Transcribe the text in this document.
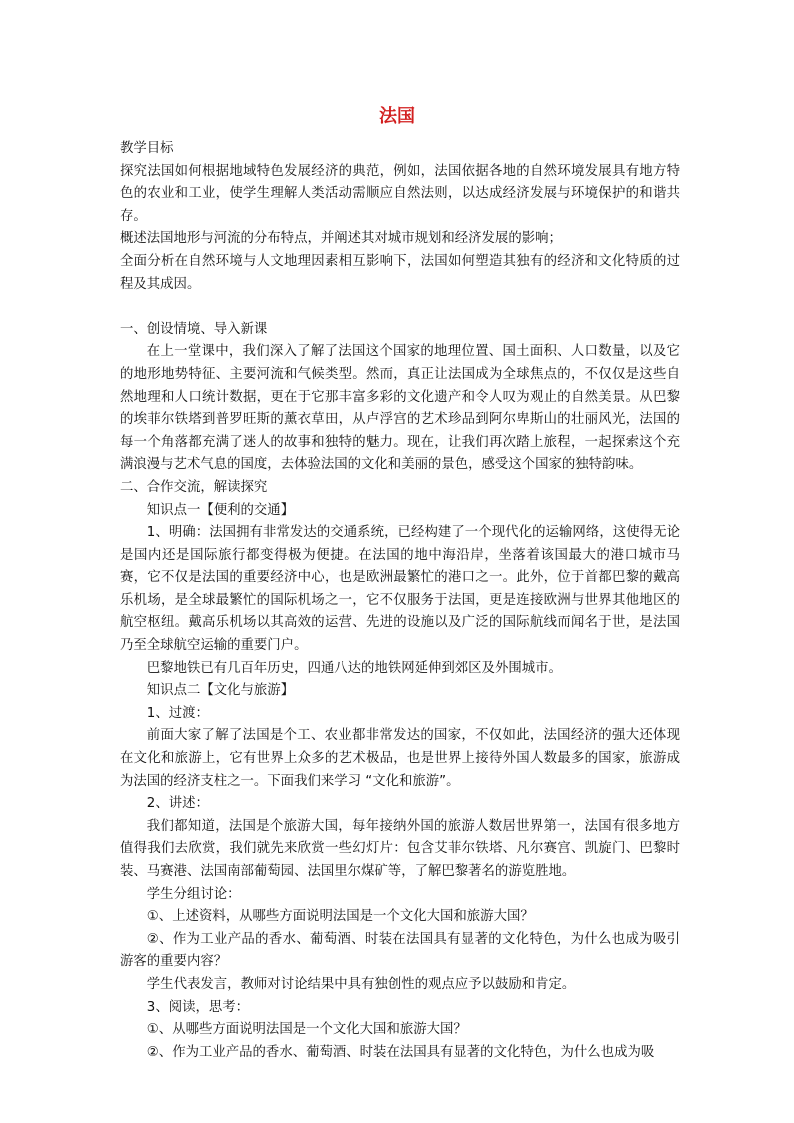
法国

教学目标

探究法国如何根据地域特色发展经济的典范，例如，法国依据各地的自然环境发展具有地方特色的农业和工业，使学生理解人类活动需顺应自然法则，以达成经济发展与环境保护的和谐共存。

概述法国地形与河流的分布特点，并阐述其对城市规划和经济发展的影响；

全面分析在自然环境与人文地理因素相互影响下，法国如何塑造其独有的经济和文化特质的过程及其成因。

一、创设情境、导入新课

在上一堂课中，我们深入了解了法国这个国家的地理位置、国土面积、人口数量，以及它的地形地势特征、主要河流和气候类型。然而，真正让法国成为全球焦点的，不仅仅是这些自然地理和人口统计数据，更在于它那丰富多彩的文化遗产和令人叹为观止的自然美景。从巴黎的埃菲尔铁塔到普罗旺斯的薰衣草田，从卢浮宫的艺术珍品到阿尔卑斯山的壮丽风光，法国的每一个角落都充满了迷人的故事和独特的魅力。现在，让我们再次踏上旅程，一起探索这个充满浪漫与艺术气息的国度，去体验法国的文化和美丽的景色，感受这个国家的独特韵味。

二、合作交流，解读探究

知识点一【便利的交通】

1、明确：法国拥有非常发达的交通系统，已经构建了一个现代化的运输网络，这使得无论是国内还是国际旅行都变得极为便捷。在法国的地中海沿岸，坐落着该国最大的港口城市马赛，它不仅是法国的重要经济中心，也是欧洲最繁忙的港口之一。此外，位于首都巴黎的戴高乐机场，是全球最繁忙的国际机场之一，它不仅服务于法国，更是连接欧洲与世界其他地区的航空枢纽。戴高乐机场以其高效的运营、先进的设施以及广泛的国际航线而闻名于世，是法国乃至全球航空运输的重要门户。

巴黎地铁已有几百年历史，四通八达的地铁网延伸到郊区及外围城市。

知识点二【文化与旅游】

1、过渡：

前面大家了解了法国是个工、农业都非常发达的国家，不仅如此，法国经济的强大还体现在文化和旅游上，它有世界上众多的艺术极品，也是世界上接待外国人数最多的国家，旅游成为法国的经济支柱之一。下面我们来学习 “文化和旅游”。

2、讲述：

我们都知道，法国是个旅游大国，每年接纳外国的旅游人数居世界第一，法国有很多地方值得我们去欣赏，我们就先来欣赏一些幻灯片：包含艾菲尔铁塔、凡尔赛宫、凯旋门、巴黎时装、马赛港、法国南部葡萄园、法国里尔煤矿等，了解巴黎著名的游览胜地。

学生分组讨论：

①、上述资料，从哪些方面说明法国是一个文化大国和旅游大国？

②、作为工业产品的香水、葡萄酒、时装在法国具有显著的文化特色，为什么也成为吸引游客的重要内容？

学生代表发言，教师对讨论结果中具有独创性的观点应予以鼓励和肯定。

3、阅读，思考：

①、从哪些方面说明法国是一个文化大国和旅游大国？

②、作为工业产品的香水、葡萄酒、时装在法国具有显著的文化特色，为什么也成为吸
